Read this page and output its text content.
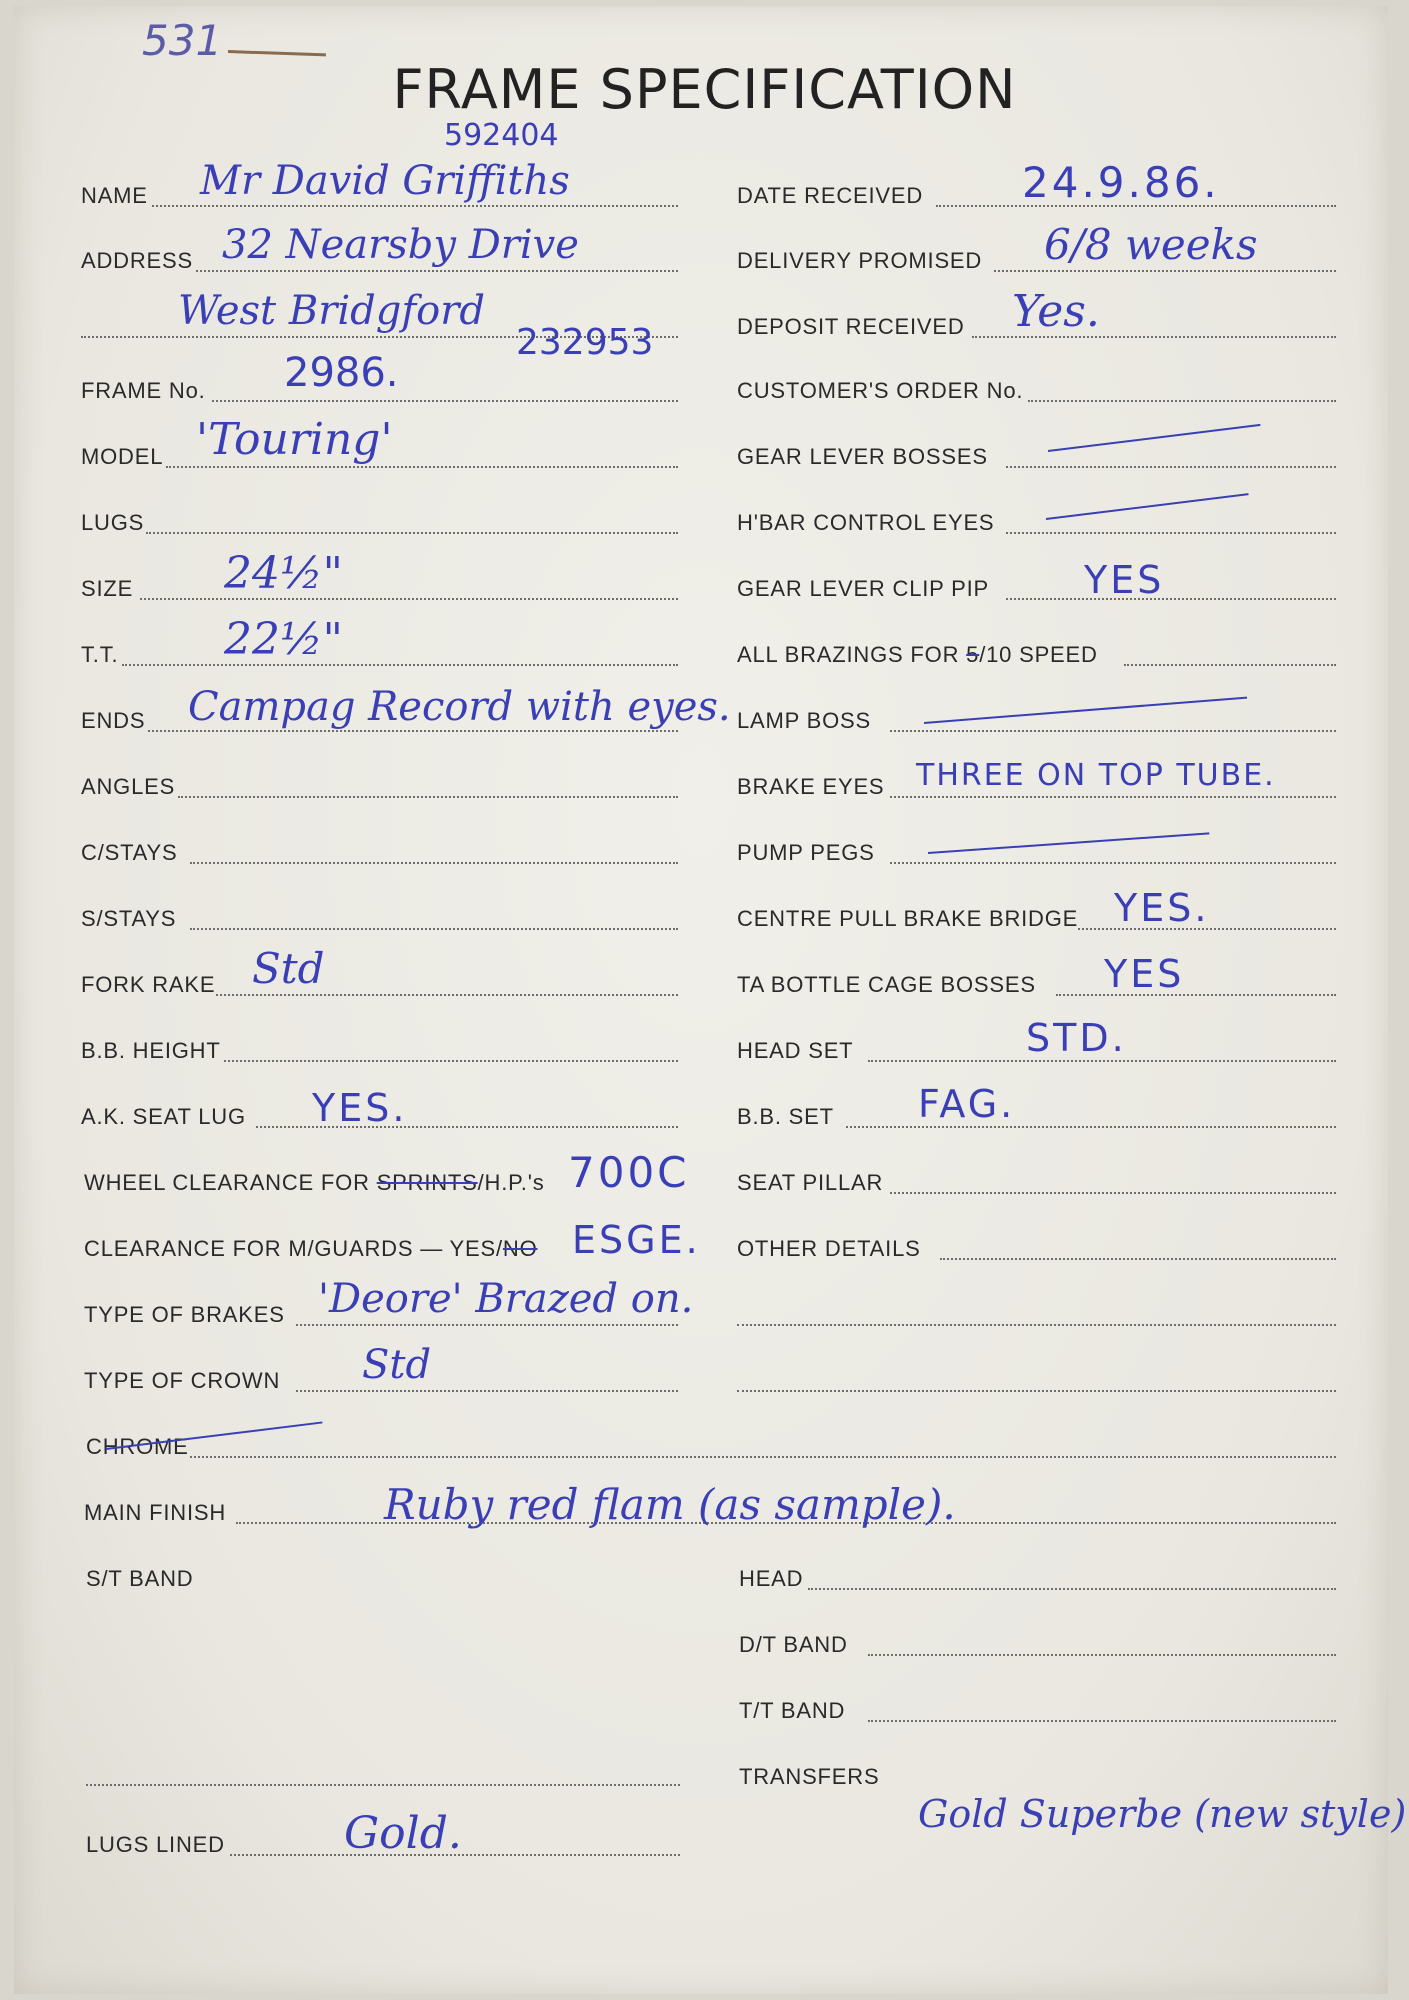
531
FRAME SPECIFICATION
592404
NAME Mr David Griffiths
ADDRESS 32 Nearsby Drive
West Bridgford
232953
FRAME No. 2986.
MODEL 'Touring'
LUGS
SIZE 24½"
T.T. 22½"
ENDS Campag Record with eyes.
ANGLES
C/STAYS
S/STAYS
FORK RAKE Std
B.B. HEIGHT
A.K. SEAT LUG YES.
WHEEL CLEARANCE FOR SPRINTS/H.P.'s 700C
CLEARANCE FOR M/GUARDS — YES/NO ESGE.
TYPE OF BRAKES 'Deore' Brazed on.
TYPE OF CROWN Std
CHROME
MAIN FINISH	Ruby red flam (as sample).
S/T BAND
LUGS LINED	Gold.
DATE RECEIVED 24.9.86.
DELIVERY PROMISED 6/8 weeks
DEPOSIT RECEIVED Yes.
CUSTOMER'S ORDER No.
GEAR LEVER BOSSES
H'BAR CONTROL EYES
GEAR LEVER CLIP PIP YES
ALL BRAZINGS FOR 5/10 SPEED
LAMP BOSS
BRAKE EYES THREE ON TOP TUBE.
PUMP PEGS
CENTRE PULL BRAKE BRIDGE YES.
TA BOTTLE CAGE BOSSES YES
HEAD SET	STD.
B.B. SET FAG.
SEAT PILLAR
OTHER DETAILS
HEAD
D/T BAND
T/T BAND
TRANSFERS
Gold Superbe (new style)
